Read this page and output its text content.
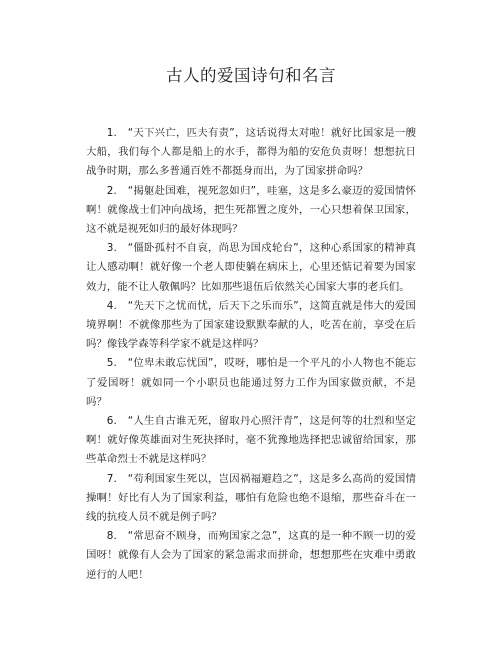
古人的爱国诗句和名言

1.　“天下兴亡，匹夫有责”，这话说得太对啦！就好比国家是一艘大船，我们每个人都是船上的水手，都得为船的安危负责呀！想想抗日战争时期，那么多普通百姓不都挺身而出，为了国家拼命吗？

2.　“揭躯赴国难，视死忽如归”，哇塞，这是多么豪迈的爱国情怀啊！就像战士们冲向战场，把生死都置之度外，一心只想着保卫国家，这不就是视死如归的最好体现吗？

3.　“僵卧孤村不自哀，尚思为国戍轮台”，这种心系国家的精神真让人感动啊！就好像一个老人即使躺在病床上，心里还惦记着要为国家效力，能不让人敬佩吗？比如那些退伍后依然关心国家大事的老兵们。

4.　“先天下之忧而忧，后天下之乐而乐”，这简直就是伟大的爱国境界啊！不就像那些为了国家建设默默奉献的人，吃苦在前，享受在后吗？像钱学森等科学家不就是这样吗？

5.　“位卑未敢忘忧国”，哎呀，哪怕是一个平凡的小人物也不能忘了爱国呀！就如同一个小职员也能通过努力工作为国家做贡献，不是吗？

6.　“人生自古谁无死，留取丹心照汗青”，这是何等的壮烈和坚定啊！就好像英雄面对生死抉择时，毫不犹豫地选择把忠诚留给国家，那些革命烈士不就是这样吗？

7.　“苟利国家生死以，岂因祸福避趋之”，这是多么高尚的爱国情操啊！好比有人为了国家利益，哪怕有危险也绝不退缩，那些奋斗在一线的抗疫人员不就是例子吗？

8.　“常思奋不顾身，而殉国家之急”，这真的是一种不顾一切的爱国呀！就像有人会为了国家的紧急需求而拼命，想想那些在灾难中勇敢逆行的人吧！
